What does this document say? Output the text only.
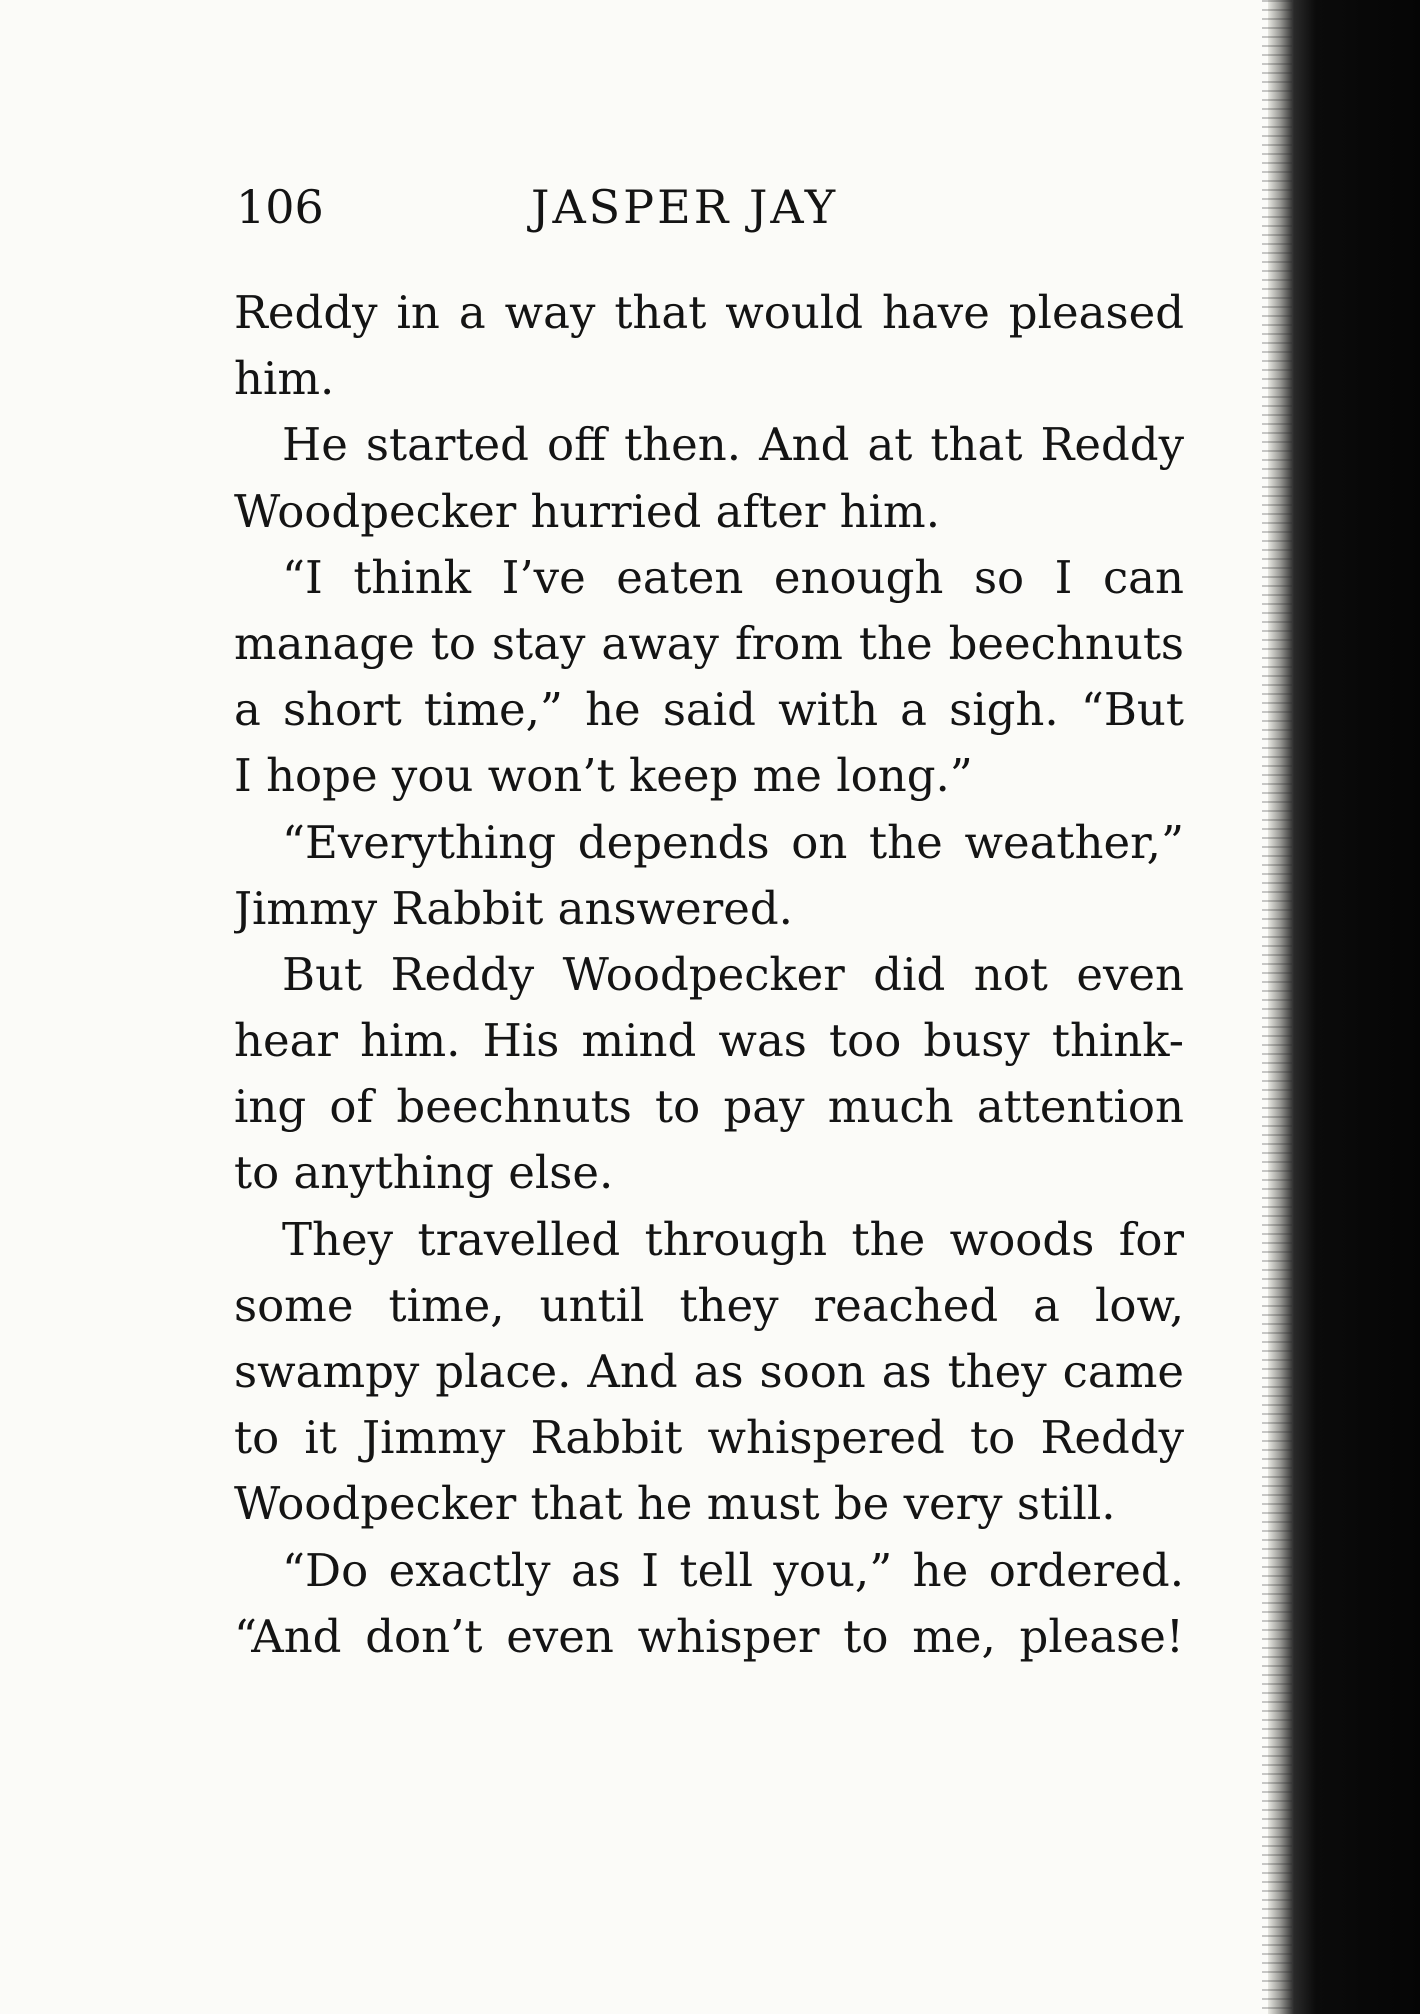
106	JASPER JAY
Reddy in a way that would have pleased
him.
He started off then. And at that Reddy
Woodpecker hurried after him.
“I think I’ve eaten enough so I can
manage to stay away from the beechnuts
a short time,” he said with a sigh. “But
I hope you won’t keep me long.”
“Everything depends on the weather,”
Jimmy Rabbit answered.
But Reddy Woodpecker did not even
hear him. His mind was too busy think-
ing of beechnuts to pay much attention
to anything else.
They travelled through the woods for
some time, until they reached a low,
swampy place. And as soon as they came
to it Jimmy Rabbit whispered to Reddy
Woodpecker that he must be very still.
“Do exactly as I tell you,” he ordered.
“And don’t even whisper to me, please!
